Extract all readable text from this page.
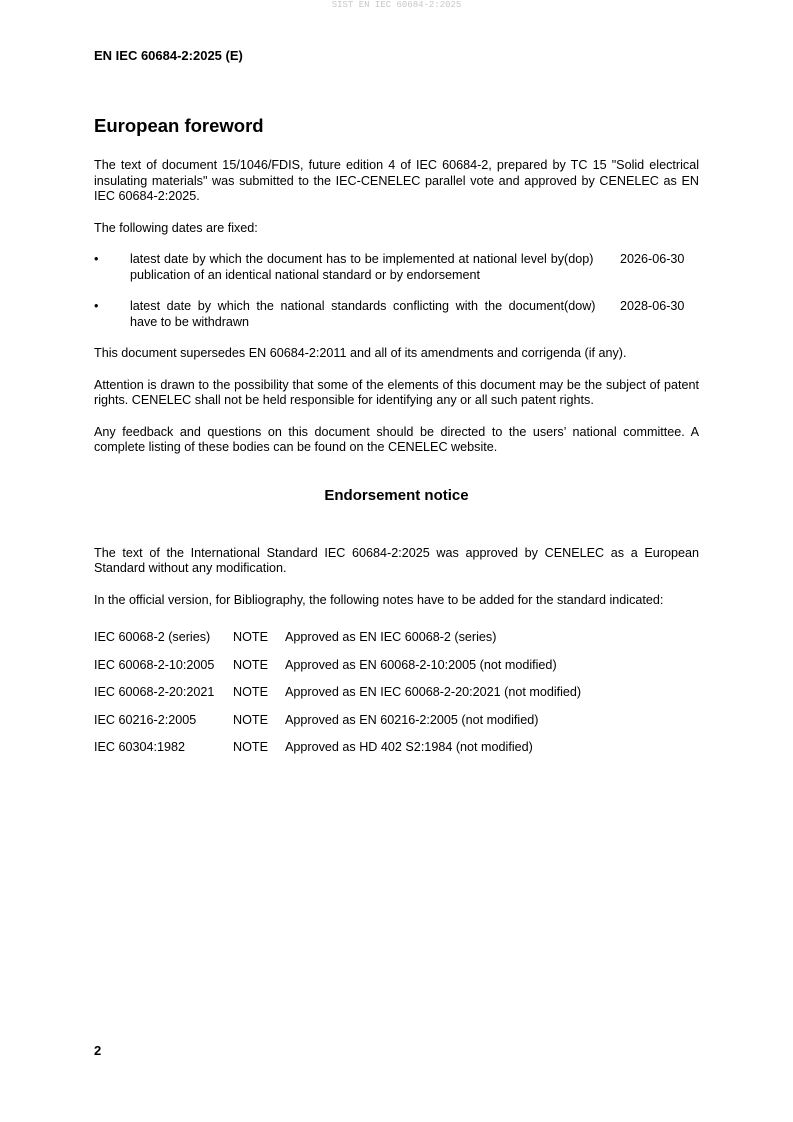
SIST EN IEC 60684-2:2025
EN IEC 60684-2:2025 (E)
European foreword

The text of document 15/1046/FDIS, future edition 4 of IEC 60684-2, prepared by TC 15 "Solid electrical insulating materials" was submitted to the IEC-CENELEC parallel vote and approved by CENELEC as EN IEC 60684-2:2025.

The following dates are fixed:

•	latest date by which the document has to be implemented at national level by publication of an identical national standard or by endorsement
(dop)	2026-06-30
•	latest date by which the national standards conflicting with the document have to be withdrawn
(dow)	2028-06-30

This document supersedes EN 60684-2:2011 and all of its amendments and corrigenda (if any).

Attention is drawn to the possibility that some of the elements of this document may be the subject of patent rights. CENELEC shall not be held responsible for identifying any or all such patent rights.

Any feedback and questions on this document should be directed to the users’ national committee. A complete listing of these bodies can be found on the CENELEC website.

Endorsement notice

The text of the International Standard IEC 60684-2:2025 was approved by CENELEC as a European Standard without any modification.

In the official version, for Bibliography, the following notes have to be added for the standard indicated:

IEC 60068-2 (series)	NOTE	Approved as EN IEC 60068-2 (series)
IEC 60068-2-10:2005	NOTE	Approved as EN 60068-2-10:2005 (not modified)
IEC 60068-2-20:2021	NOTE	Approved as EN IEC 60068-2-20:2021 (not modified)
IEC 60216-2:2005	NOTE	Approved as EN 60216-2:2005 (not modified)
IEC 60304:1982	NOTE	Approved as HD 402 S2:1984 (not modified)
2
